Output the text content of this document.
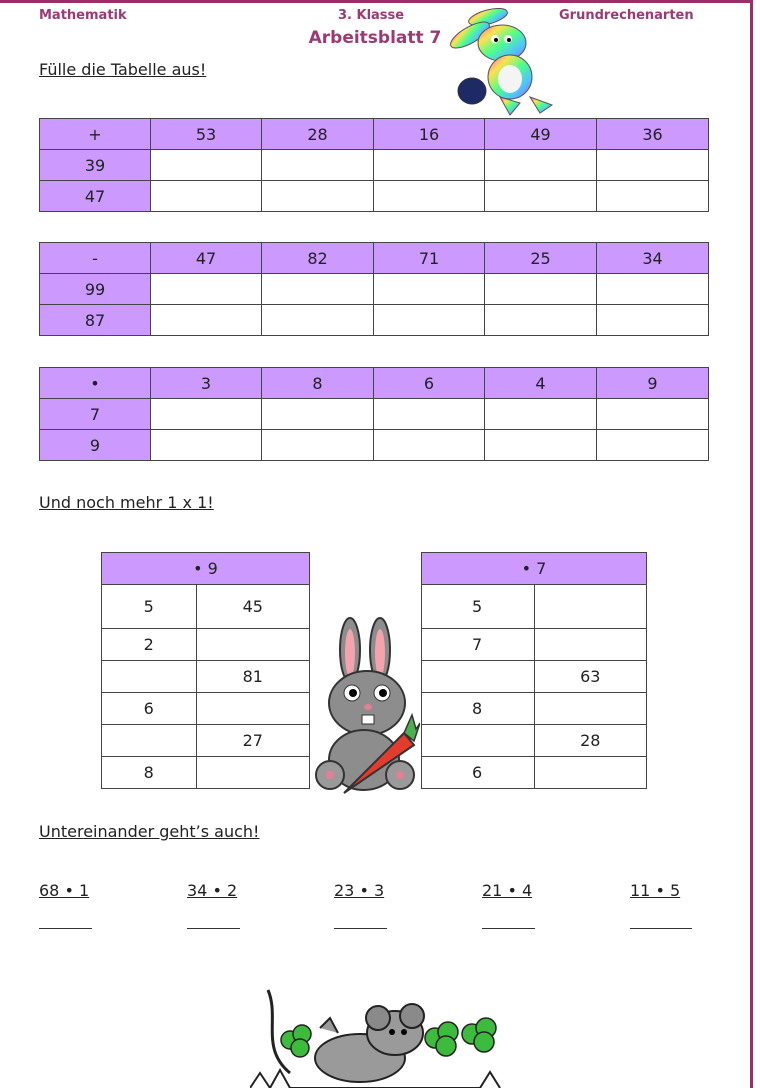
Mathematik	3. Klasse	Grundrechenarten
Arbeitsblatt 7
Fülle die Tabelle aus!
+	53	28	16	49	36
39					
47					
-	47	82	71	25	34
99					
87					
•	3	8	6	4	9
7					
9					
Und noch mehr 1 x 1!
• 9	
5	45
2	
	81
6	
	27
8	
• 7	
5	
7	
	63
8	
	28
6	
Untereinander geht’s auch!
68 • 1	34 • 2	23 • 3	21 • 4	11 • 5
